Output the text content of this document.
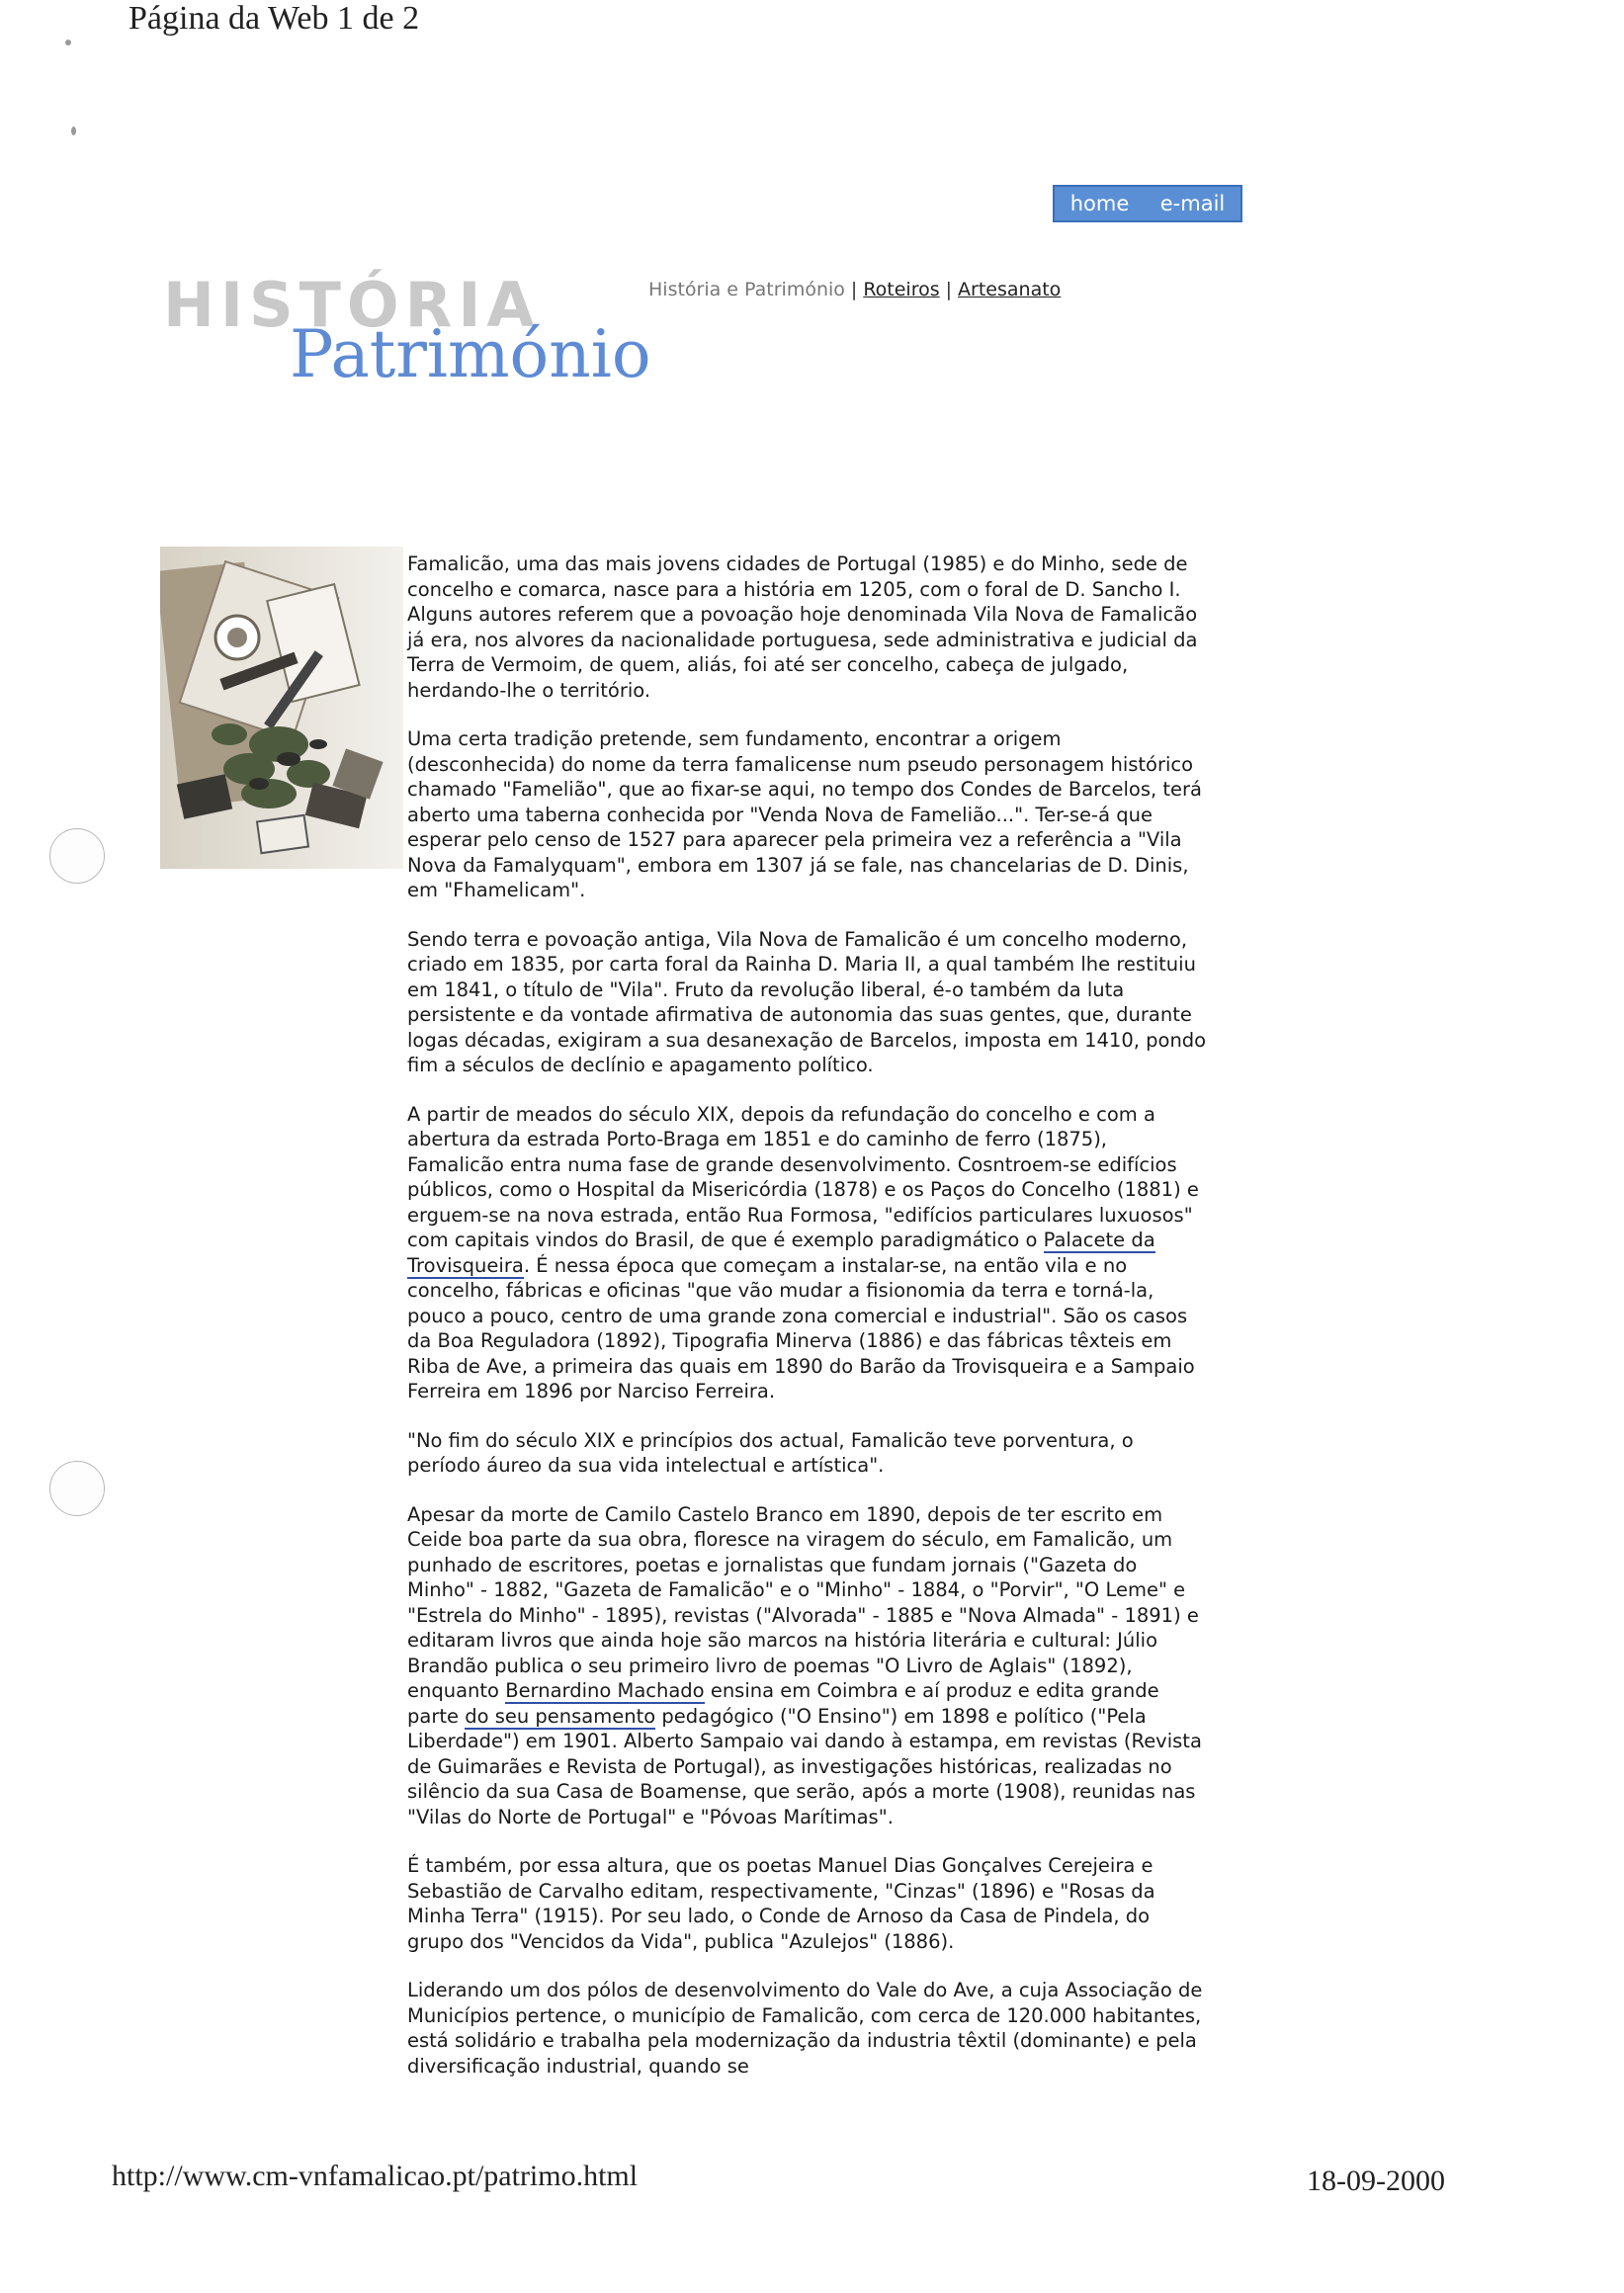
Página da Web 1 de 2
home e-mail
HISTÓRIA
Património
História e Património | Roteiros | Artesanato

Famalicão, uma das mais jovens cidades de Portugal (1985) e do Minho, sede de concelho e comarca, nasce para a história em 1205, com o foral de D. Sancho I. Alguns autores referem que a povoação hoje denominada Vila Nova de Famalicão já era, nos alvores da nacionalidade portuguesa, sede administrativa e judicial da Terra de Vermoim, de quem, aliás, foi até ser concelho, cabeça de julgado, herdando-lhe o território.

Uma certa tradição pretende, sem fundamento, encontrar a origem (desconhecida) do nome da terra famalicense num pseudo personagem histórico chamado "Famelião", que ao fixar-se aqui, no tempo dos Condes de Barcelos, terá aberto uma taberna conhecida por "Venda Nova de Famelião...". Ter-se-á que esperar pelo censo de 1527 para aparecer pela primeira vez a referência a "Vila Nova da Famalyquam", embora em 1307 já se fale, nas chancelarias de D. Dinis, em "Fhamelicam".

Sendo terra e povoação antiga, Vila Nova de Famalicão é um concelho moderno, criado em 1835, por carta foral da Rainha D. Maria II, a qual também lhe restituiu em 1841, o título de "Vila". Fruto da revolução liberal, é-o também da luta persistente e da vontade afirmativa de autonomia das suas gentes, que, durante logas décadas, exigiram a sua desanexação de Barcelos, imposta em 1410, pondo fim a séculos de declínio e apagamento político.

A partir de meados do século XIX, depois da refundação do concelho e com a abertura da estrada Porto-Braga em 1851 e do caminho de ferro (1875), Famalicão entra numa fase de grande desenvolvimento. Cosntroem-se edifícios públicos, como o Hospital da Misericórdia (1878) e os Paços do Concelho (1881) e erguem-se na nova estrada, então Rua Formosa, "edifícios particulares luxuosos" com capitais vindos do Brasil, de que é exemplo paradigmático o Palacete da Trovisqueira. É nessa época que começam a instalar-se, na então vila e no concelho, fábricas e oficinas "que vão mudar a fisionomia da terra e torná-la, pouco a pouco, centro de uma grande zona comercial e industrial". São os casos da Boa Reguladora (1892), Tipografia Minerva (1886) e das fábricas têxteis em Riba de Ave, a primeira das quais em 1890 do Barão da Trovisqueira e a Sampaio Ferreira em 1896 por Narciso Ferreira.

"No fim do século XIX e princípios dos actual, Famalicão teve porventura, o período áureo da sua vida intelectual e artística".

Apesar da morte de Camilo Castelo Branco em 1890, depois de ter escrito em Ceide boa parte da sua obra, floresce na viragem do século, em Famalicão, um punhado de escritores, poetas e jornalistas que fundam jornais ("Gazeta do Minho" - 1882, "Gazeta de Famalicão" e o "Minho" - 1884, o "Porvir", "O Leme" e "Estrela do Minho" - 1895), revistas ("Alvorada" - 1885 e "Nova Almada" - 1891) e editaram livros que ainda hoje são marcos na história literária e cultural: Júlio Brandão publica o seu primeiro livro de poemas "O Livro de Aglais" (1892), enquanto Bernardino Machado ensina em Coimbra e aí produz e edita grande parte do seu pensamento pedagógico ("O Ensino") em 1898 e político ("Pela Liberdade") em 1901. Alberto Sampaio vai dando à estampa, em revistas (Revista de Guimarães e Revista de Portugal), as investigações históricas, realizadas no silêncio da sua Casa de Boamense, que serão, após a morte (1908), reunidas nas "Vilas do Norte de Portugal" e "Póvoas Marítimas".

É também, por essa altura, que os poetas Manuel Dias Gonçalves Cerejeira e Sebastião de Carvalho editam, respectivamente, "Cinzas" (1896) e "Rosas da Minha Terra" (1915). Por seu lado, o Conde de Arnoso da Casa de Pindela, do grupo dos "Vencidos da Vida", publica "Azulejos" (1886).

Liderando um dos pólos de desenvolvimento do Vale do Ave, a cuja Associação de Municípios pertence, o município de Famalicão, com cerca de 120.000 habitantes, está solidário e trabalha pela modernização da industria têxtil (dominante) e pela diversificação industrial, quando se

http://www.cm-vnfamalicao.pt/patrimo.html	18-09-2000
